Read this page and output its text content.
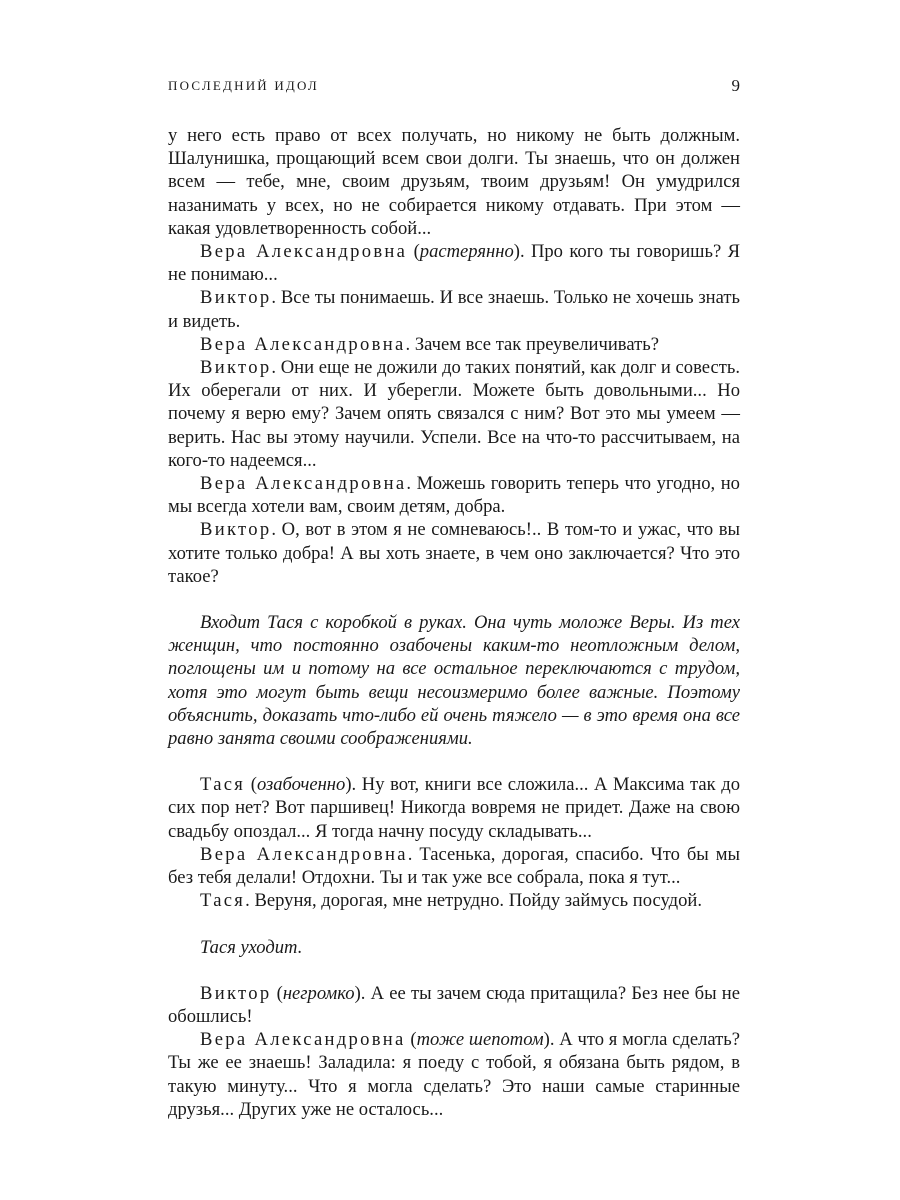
ПОСЛЕДНИЙ ИДОЛ	9

у него есть право от всех получать, но никому не быть должным. Шалунишка, прощающий всем свои долги. Ты знаешь, что он должен всем — тебе, мне, своим друзьям, твоим друзьям! Он умудрился назанимать у всех, но не собирается никому отдавать. При этом — какая удовлетворенность собой...

Вера Александровна (растерянно). Про кого ты говоришь? Я не понимаю...

Виктор. Все ты понимаешь. И все знаешь. Только не хочешь знать и видеть.

Вера Александровна. Зачем все так преувеличивать?

Виктор. Они еще не дожили до таких понятий, как долг и совесть. Их оберегали от них. И уберегли. Можете быть довольными... Но почему я верю ему? Зачем опять связался с ним? Вот это мы умеем — верить. Нас вы этому научили. Успели. Все на что-то рассчитываем, на кого-то надеемся...

Вера Александровна. Можешь говорить теперь что угодно, но мы всегда хотели вам, своим детям, добра.

Виктор. О, вот в этом я не сомневаюсь!.. В том-то и ужас, что вы хотите только добра! А вы хоть знаете, в чем оно заключается? Что это такое?

Входит Тася с коробкой в руках. Она чуть моложе Веры. Из тех женщин, что постоянно озабочены каким-то неотложным делом, поглощены им и потому на все остальное переключаются с трудом, хотя это могут быть вещи несоизмеримо более важные. Поэтому объяснить, доказать что-либо ей очень тяжело — в это время она все равно занята своими соображениями.

Тася (озабоченно). Ну вот, книги все сложила... А Максима так до сих пор нет? Вот паршивец! Никогда вовремя не придет. Даже на свою свадьбу опоздал... Я тогда начну посуду складывать...

Вера Александровна. Тасенька, дорогая, спасибо. Что бы мы без тебя делали! Отдохни. Ты и так уже все собрала, пока я тут...

Тася. Веруня, дорогая, мне нетрудно. Пойду займусь посудой.

Тася уходит.

Виктор (негромко). А ее ты зачем сюда притащила? Без нее бы не обошлись!

Вера Александровна (тоже шепотом). А что я могла сделать? Ты же ее знаешь! Заладила: я поеду с тобой, я обязана быть рядом, в такую минуту... Что я могла сделать? Это наши самые старинные друзья... Других уже не осталось...
